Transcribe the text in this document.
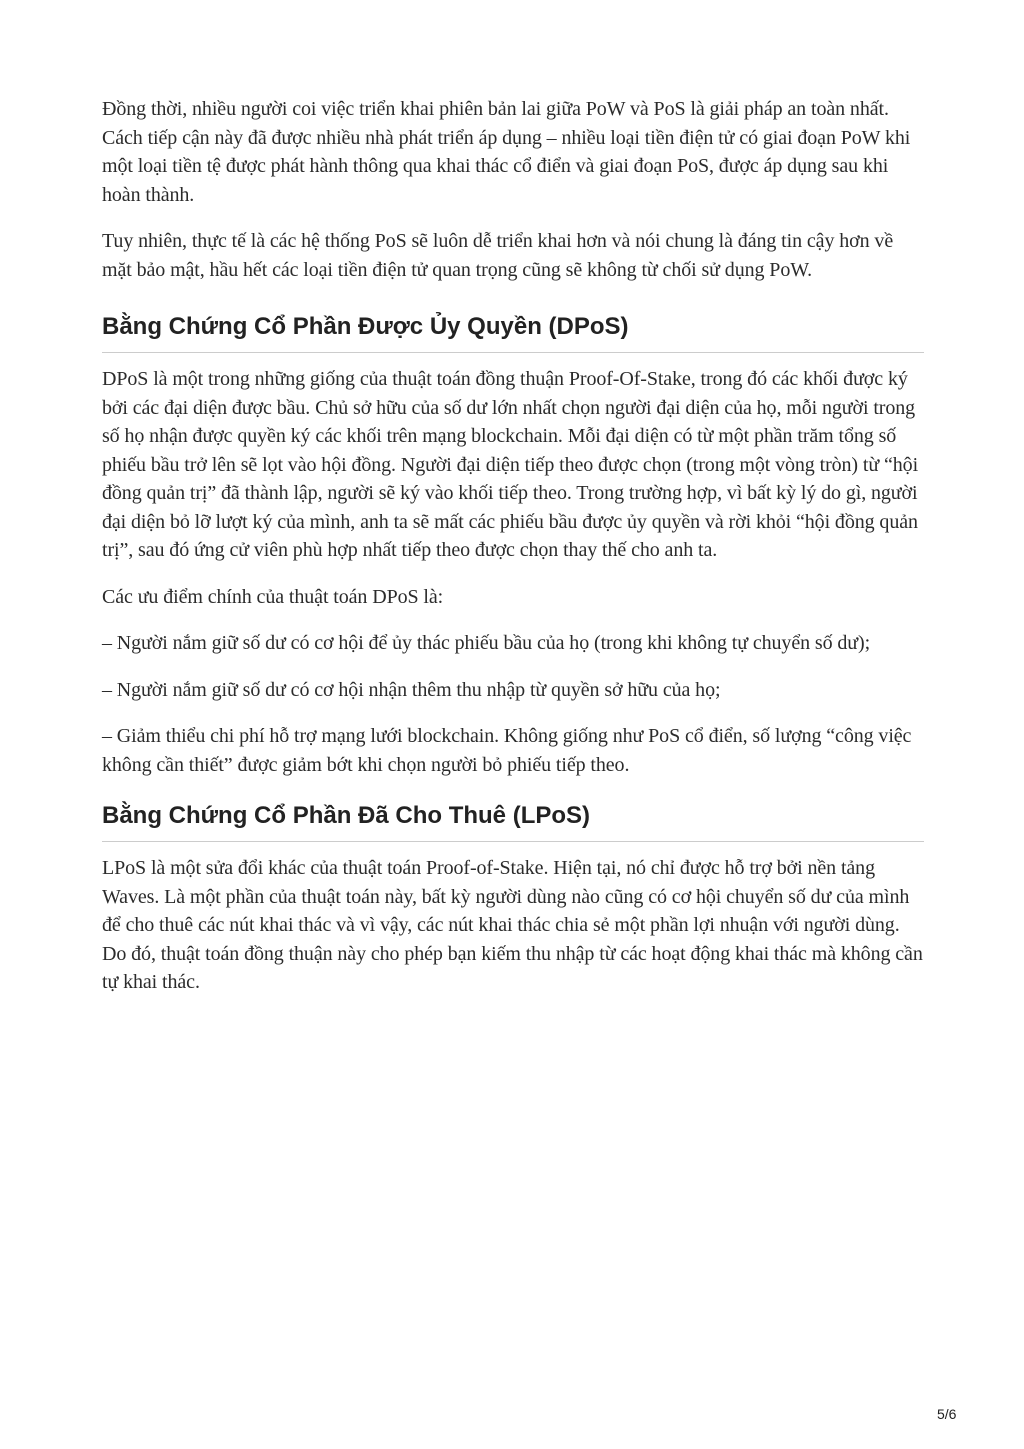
Đồng thời, nhiều người coi việc triển khai phiên bản lai giữa PoW và PoS là giải pháp an toàn nhất. Cách tiếp cận này đã được nhiều nhà phát triển áp dụng – nhiều loại tiền điện tử có giai đoạn PoW khi một loại tiền tệ được phát hành thông qua khai thác cổ điển và giai đoạn PoS, được áp dụng sau khi hoàn thành.

Tuy nhiên, thực tế là các hệ thống PoS sẽ luôn dễ triển khai hơn và nói chung là đáng tin cậy hơn về mặt bảo mật, hầu hết các loại tiền điện tử quan trọng cũng sẽ không từ chối sử dụng PoW.

Bằng Chứng Cổ Phần Được Ủy Quyền (DPoS)

DPoS là một trong những giống của thuật toán đồng thuận Proof-Of-Stake, trong đó các khối được ký bởi các đại diện được bầu. Chủ sở hữu của số dư lớn nhất chọn người đại diện của họ, mỗi người trong số họ nhận được quyền ký các khối trên mạng blockchain. Mỗi đại diện có từ một phần trăm tổng số phiếu bầu trở lên sẽ lọt vào hội đồng. Người đại diện tiếp theo được chọn (trong một vòng tròn) từ “hội đồng quản trị” đã thành lập, người sẽ ký vào khối tiếp theo. Trong trường hợp, vì bất kỳ lý do gì, người đại diện bỏ lỡ lượt ký của mình, anh ta sẽ mất các phiếu bầu được ủy quyền và rời khỏi “hội đồng quản trị”, sau đó ứng cử viên phù hợp nhất tiếp theo được chọn thay thế cho anh ta.

Các ưu điểm chính của thuật toán DPoS là:

– Người nắm giữ số dư có cơ hội để ủy thác phiếu bầu của họ (trong khi không tự chuyển số dư);

– Người nắm giữ số dư có cơ hội nhận thêm thu nhập từ quyền sở hữu của họ;

– Giảm thiểu chi phí hỗ trợ mạng lưới blockchain. Không giống như PoS cổ điển, số lượng “công việc không cần thiết” được giảm bớt khi chọn người bỏ phiếu tiếp theo.

Bằng Chứng Cổ Phần Đã Cho Thuê (LPoS)

LPoS là một sửa đổi khác của thuật toán Proof-of-Stake. Hiện tại, nó chỉ được hỗ trợ bởi nền tảng Waves. Là một phần của thuật toán này, bất kỳ người dùng nào cũng có cơ hội chuyển số dư của mình để cho thuê các nút khai thác và vì vậy, các nút khai thác chia sẻ một phần lợi nhuận với người dùng. Do đó, thuật toán đồng thuận này cho phép bạn kiếm thu nhập từ các hoạt động khai thác mà không cần tự khai thác.

5/6
